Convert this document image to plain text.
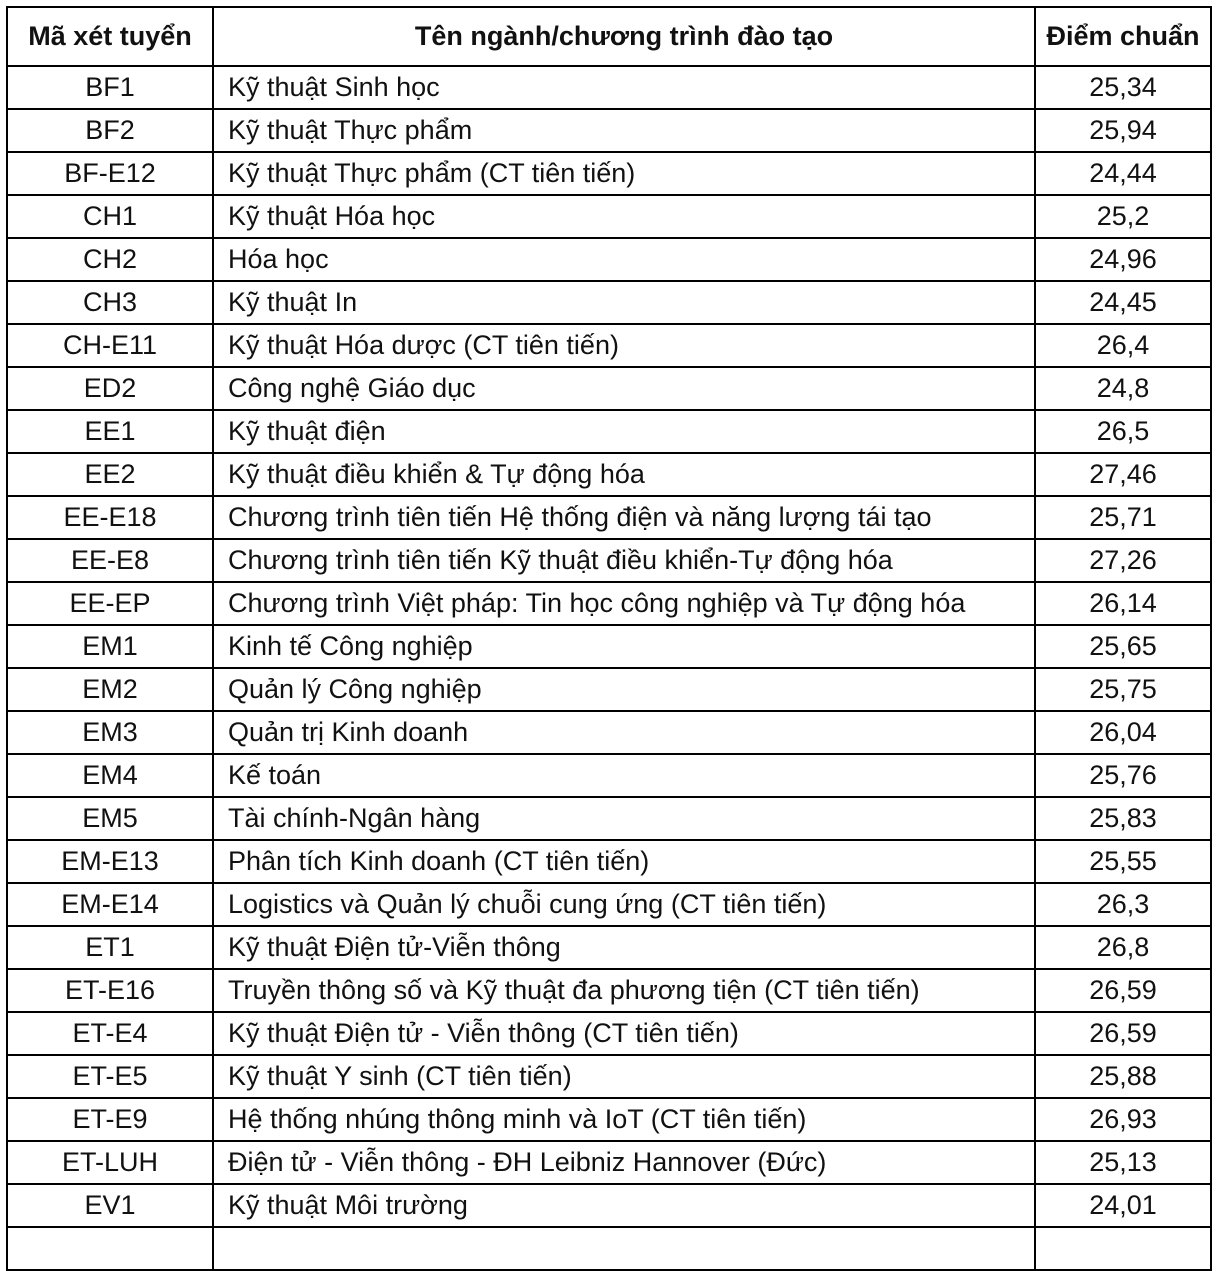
Mã xét tuyển	Tên ngành/chương trình đào tạo	Điểm chuẩn
BF1	Kỹ thuật Sinh học	25,34
BF2	Kỹ thuật Thực phẩm	25,94
BF-E12	Kỹ thuật Thực phẩm (CT tiên tiến)	24,44
CH1	Kỹ thuật Hóa học	25,2
CH2	Hóa học	24,96
CH3	Kỹ thuật In	24,45
CH-E11	Kỹ thuật Hóa dược (CT tiên tiến)	26,4
ED2	Công nghệ Giáo dục	24,8
EE1	Kỹ thuật điện	26,5
EE2	Kỹ thuật điều khiển & Tự động hóa	27,46
EE-E18	Chương trình tiên tiến Hệ thống điện và năng lượng tái tạo	25,71
EE-E8	Chương trình tiên tiến Kỹ thuật điều khiển-Tự động hóa	27,26
EE-EP	Chương trình Việt pháp: Tin học công nghiệp và Tự động hóa	26,14
EM1	Kinh tế Công nghiệp	25,65
EM2	Quản lý Công nghiệp	25,75
EM3	Quản trị Kinh doanh	26,04
EM4	Kế toán	25,76
EM5	Tài chính-Ngân hàng	25,83
EM-E13	Phân tích Kinh doanh (CT tiên tiến)	25,55
EM-E14	Logistics và Quản lý chuỗi cung ứng (CT tiên tiến)	26,3
ET1	Kỹ thuật Điện tử-Viễn thông	26,8
ET-E16	Truyền thông số và Kỹ thuật đa phương tiện (CT tiên tiến)	26,59
ET-E4	Kỹ thuật Điện tử - Viễn thông (CT tiên tiến)	26,59
ET-E5	Kỹ thuật Y sinh (CT tiên tiến)	25,88
ET-E9	Hệ thống nhúng thông minh và IoT (CT tiên tiến)	26,93
ET-LUH	Điện tử - Viễn thông - ĐH Leibniz Hannover (Đức)	25,13
EV1	Kỹ thuật Môi trường	24,01
